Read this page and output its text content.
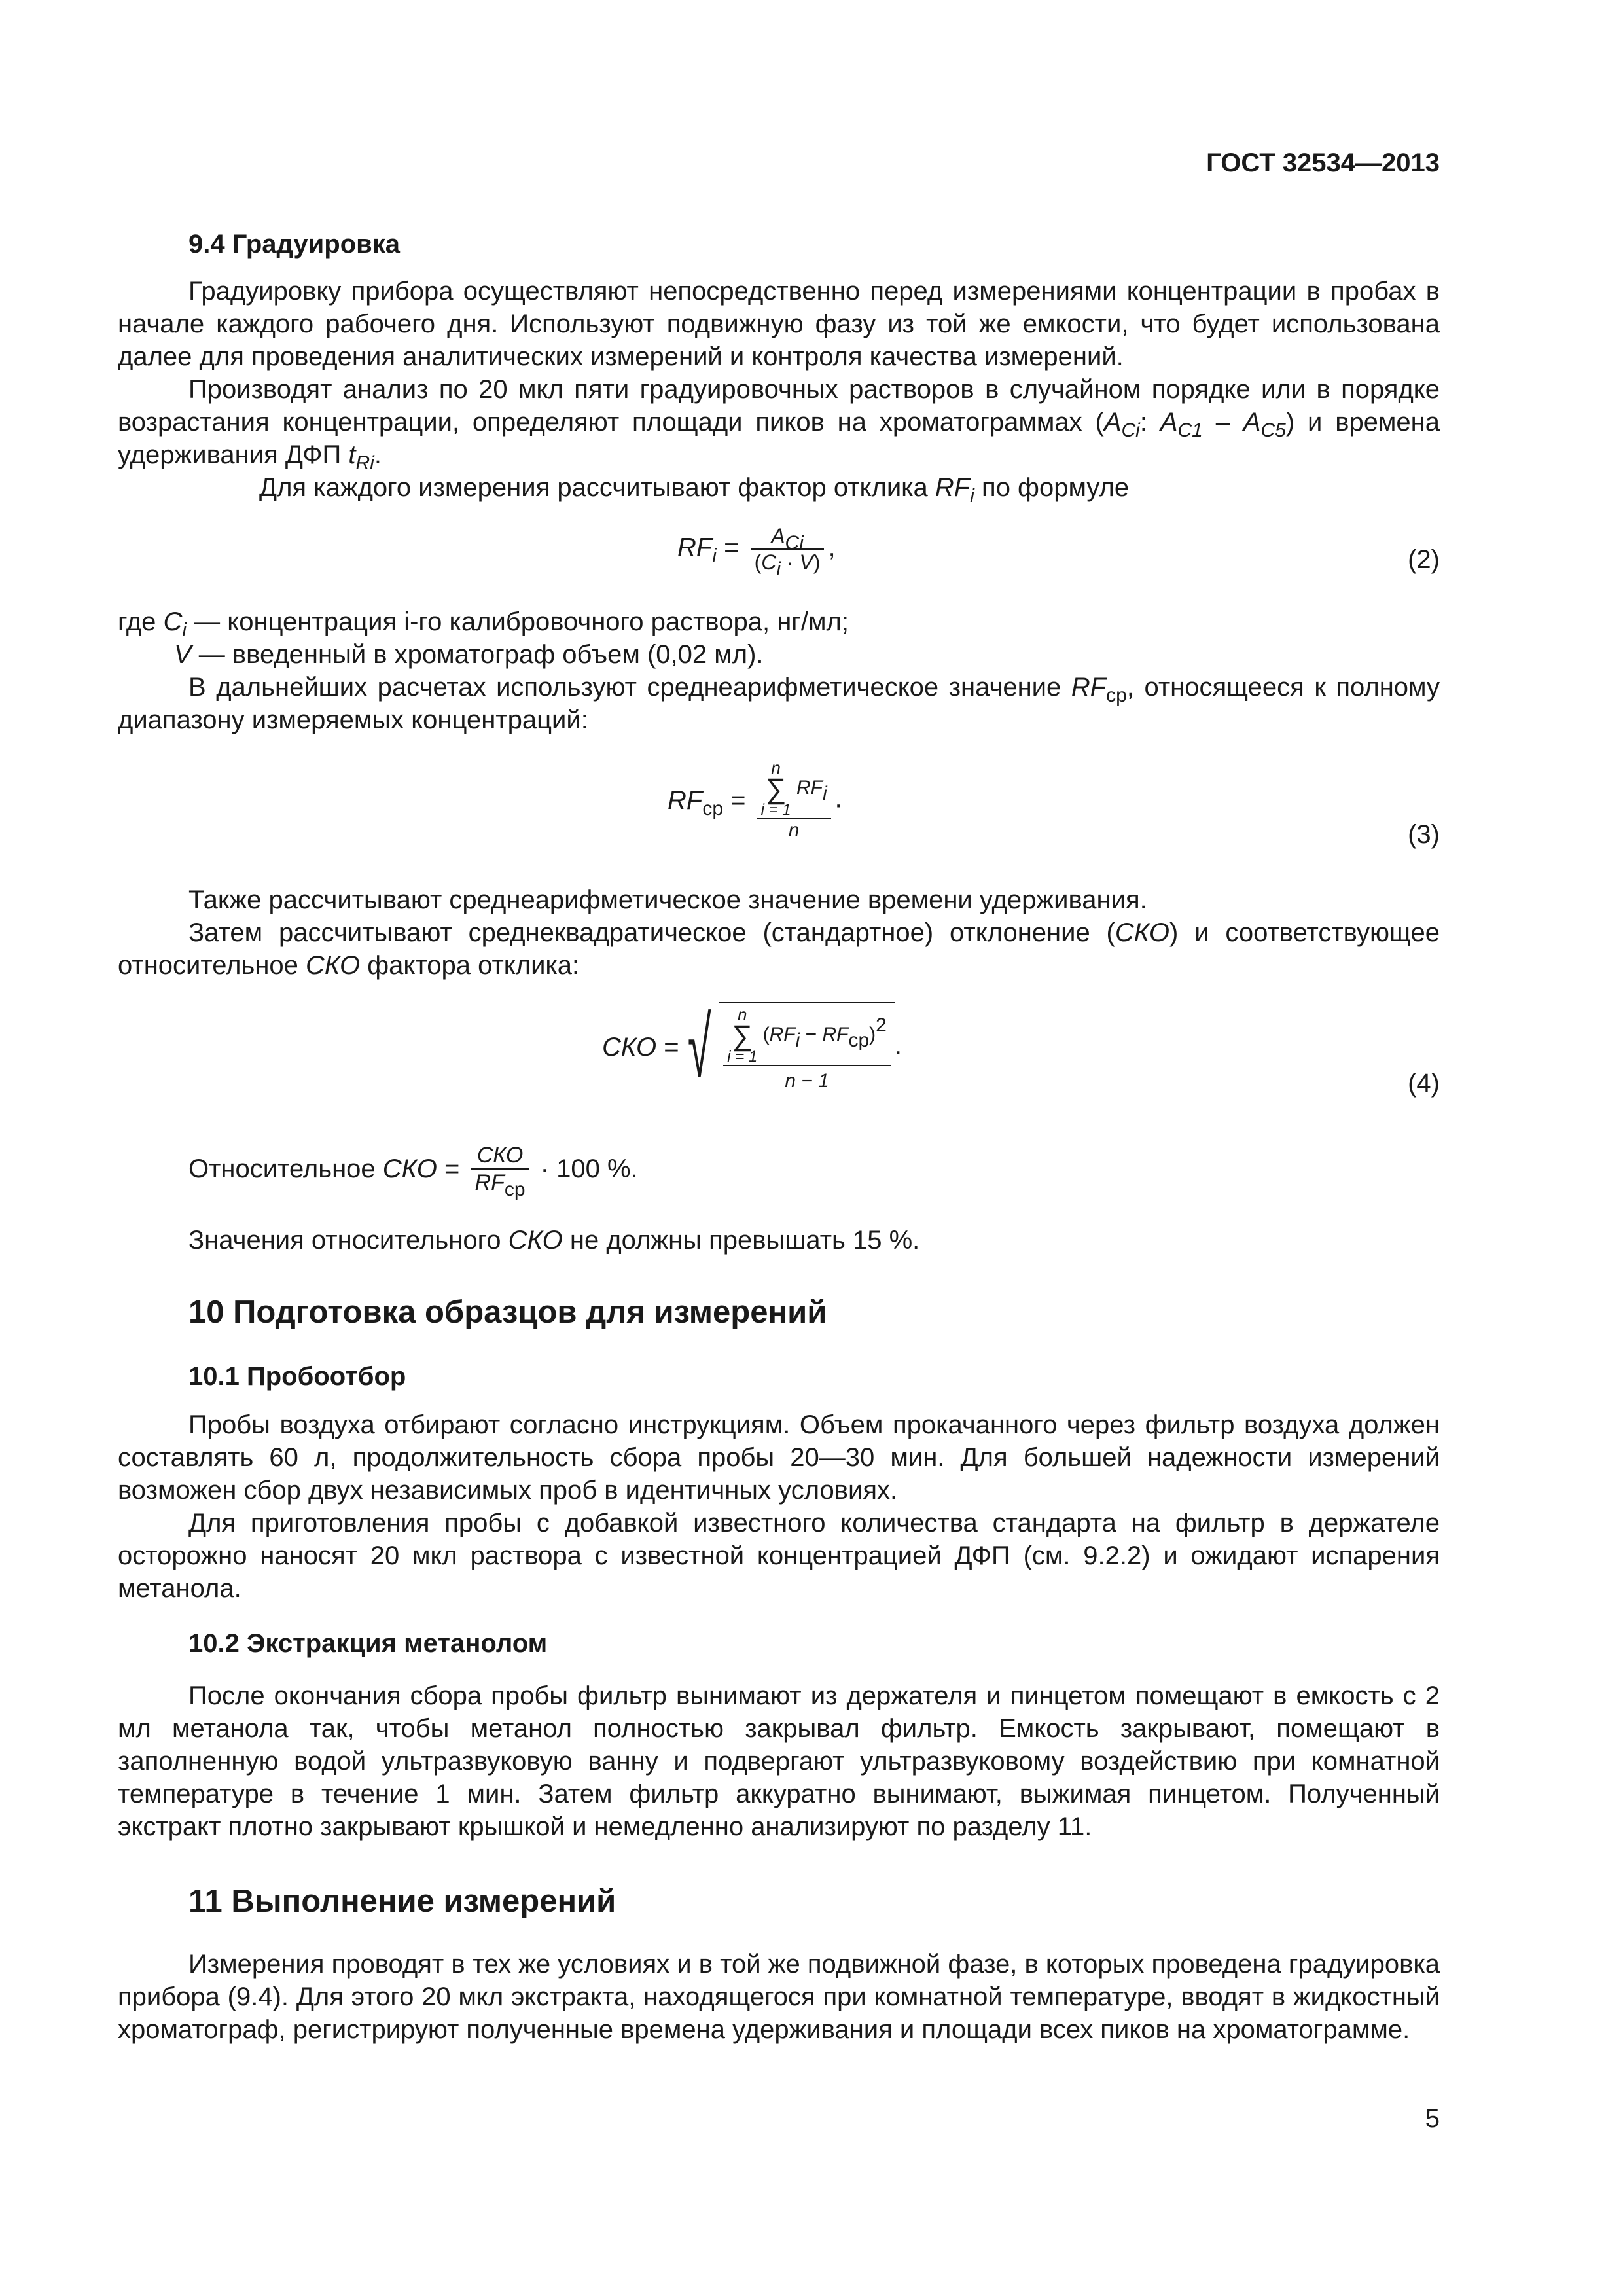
ГОСТ 32534—2013
9.4 Градуировка
Градуировку прибора осуществляют непосредственно перед измерениями концентрации в пробах в начале каждого рабочего дня. Используют подвижную фазу из той же емкости, что будет использована далее для проведения аналитических измерений и контроля качества измерений.
Производят анализ по 20 мкл пяти градуировочных растворов в случайном порядке или в порядке возрастания концентрации, определяют площади пиков на хроматограммах ($A_{Ci}$: $A_{C1} - A_{C5}$) и времена удерживания ДФП $t_{Ri}$.
Для каждого измерения рассчитывают фактор отклика $RF_i$ по формуле
$RF_i = \frac{A_{Ci}}{(C_i \cdot V)}$ ,	(2)
где $C_i$ — концентрация i-го калибровочного раствора, нг/мл;
V — введенный в хроматограф объем (0,02 мл).
В дальнейших расчетах используют среднеарифметическое значение $RF_{ср}$, относящееся к полному диапазону измеряемых концентраций:
$RF_{ср} = n$
∑
i = 1
$RF_i$
n .
(3)
Также рассчитывают среднеарифметическое значение времени удерживания.
Затем рассчитывают среднеквадратическое (стандартное) отклонение (СКО) и соответствующее относительное СКО фактора отклика:
СКО = √	n
∑
i = 1
$(RF_i - RF_{ср})^2$
n − 1
.
(4)
Относительное СКО = $\frac{\text{СКО}}{RF_{ср}} \cdot 100$ %.
Значения относительного СКО не должны превышать 15 %.
10 Подготовка образцов для измерений
10.1 Пробоотбор
Пробы воздуха отбирают согласно инструкциям. Объем прокачанного через фильтр воздуха должен составлять 60 л, продолжительность сбора пробы 20—30 мин. Для большей надежности измерений возможен сбор двух независимых проб в идентичных условиях.
Для приготовления пробы с добавкой известного количества стандарта на фильтр в держателе осторожно наносят 20 мкл раствора с известной концентрацией ДФП (см. 9.2.2) и ожидают испарения метанола.
10.2 Экстракция метанолом
После окончания сбора пробы фильтр вынимают из держателя и пинцетом помещают в емкость с 2 мл метанола так, чтобы метанол полностью закрывал фильтр. Емкость закрывают, помещают в заполненную водой ультразвуковую ванну и подвергают ультразвуковому воздействию при комнатной температуре в течение 1 мин. Затем фильтр аккуратно вынимают, выжимая пинцетом. Полученный экстракт плотно закрывают крышкой и немедленно анализируют по разделу 11.
11 Выполнение измерений
Измерения проводят в тех же условиях и в той же подвижной фазе, в которых проведена градуировка прибора (9.4). Для этого 20 мкл экстракта, находящегося при комнатной температуре, вводят в жидкостный хроматограф, регистрируют полученные времена удерживания и площади всех пиков на хроматограмме.
5
